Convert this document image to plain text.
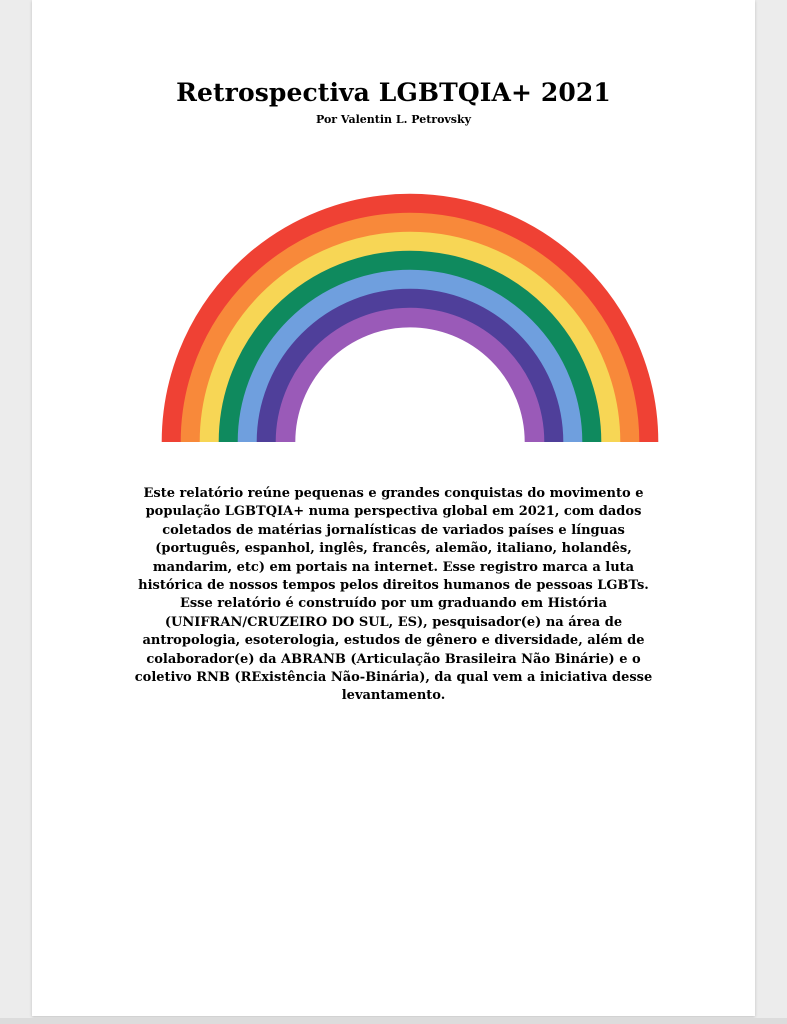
Retrospectiva LGBTQIA+ 2021

Por Valentin L. Petrovsky

Este relatório reúne pequenas e grandes conquistas do movimento e
população LGBTQIA+ numa perspectiva global em 2021, com dados
coletados de matérias jornalísticas de variados países e línguas
(português, espanhol, inglês, francês, alemão, italiano, holandês,
mandarim, etc) em portais na internet. Esse registro marca a luta
histórica de nossos tempos pelos direitos humanos de pessoas LGBTs.
Esse relatório é construído por um graduando em História
(UNIFRAN/CRUZEIRO DO SUL, ES), pesquisador(e) na área de
antropologia, esoterologia, estudos de gênero e diversidade, além de
colaborador(e) da ABRANB (Articulação Brasileira Não Binárie) e o
coletivo RNB (RExistência Não-Binária), da qual vem a iniciativa desse
levantamento.
